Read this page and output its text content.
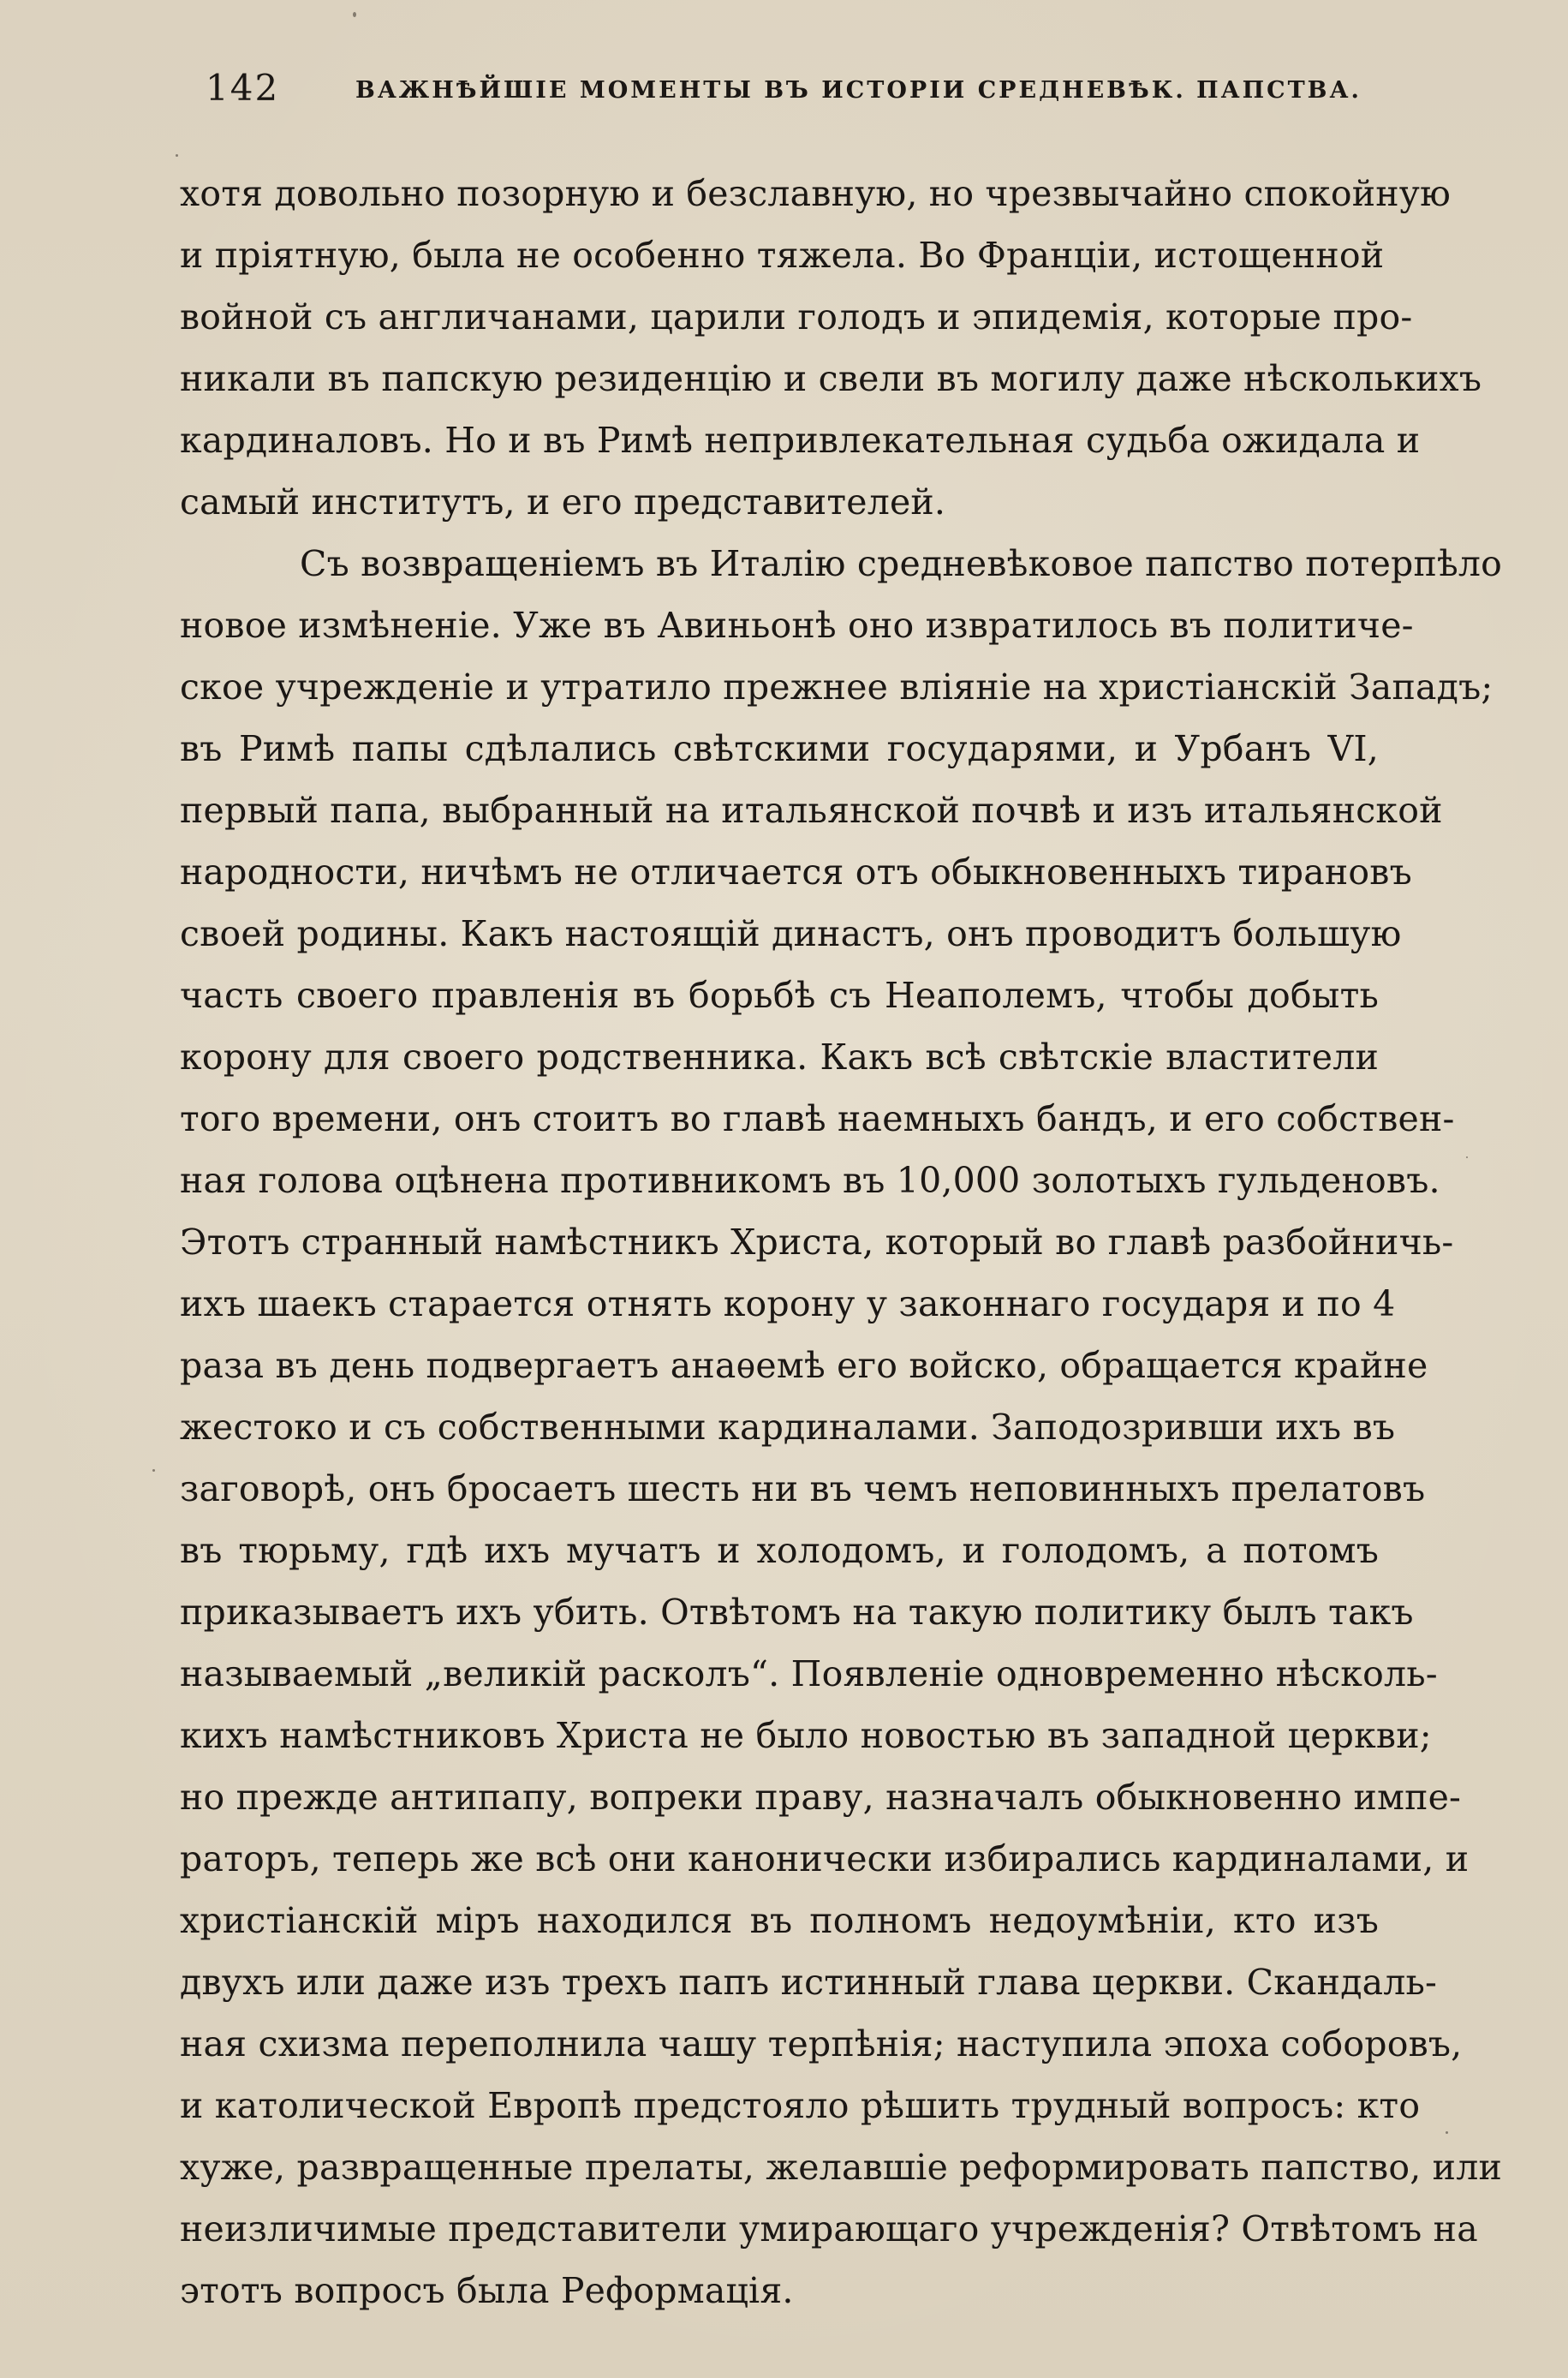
142	ВАЖНѢЙШІЕ МОМЕНТЫ ВЪ ИСТОРІИ СРЕДНЕВѢК. ПАПСТВА.
хотя довольно позорную и безславную, но чрезвычайно спокойную
и пріятную, была не особенно тяжела. Во Франціи, истощенной
войной съ англичанами, царили голодъ и эпидемія, которые про-
никали въ папскую резиденцію и свели въ могилу даже нѣсколькихъ
кардиналовъ. Но и въ Римѣ непривлекательная судьба ожидала и
самый институтъ, и его представителей.
Съ возвращеніемъ въ Италію средневѣковое папство потерпѣло
новое измѣненіе. Уже въ Авиньонѣ оно извратилось въ политиче-
ское учрежденіе и утратило прежнее вліяніе на христіанскій Западъ;
въ Римѣ папы сдѣлались свѣтскими государями, и Урбанъ VI,
первый папа, выбранный на итальянской почвѣ и изъ итальянской
народности, ничѣмъ не отличается отъ обыкновенныхъ тирановъ
своей родины. Какъ настоящій династъ, онъ проводитъ большую
часть своего правленія въ борьбѣ съ Неаполемъ, чтобы добыть
корону для своего родственника. Какъ всѣ свѣтскіе властители
того времени, онъ стоитъ во главѣ наемныхъ бандъ, и его собствен-
ная голова оцѣнена противникомъ въ 10,000 золотыхъ гульденовъ.
Этотъ странный намѣстникъ Христа, который во главѣ разбойничь-
ихъ шаекъ старается отнять корону у законнаго государя и по 4
раза въ день подвергаетъ анаѳемѣ его войско, обращается крайне
жестоко и съ собственными кардиналами. Заподозривши ихъ въ
заговорѣ, онъ бросаетъ шесть ни въ чемъ неповинныхъ прелатовъ
въ тюрьму, гдѣ ихъ мучатъ и холодомъ, и голодомъ, а потомъ
приказываетъ ихъ убить. Отвѣтомъ на такую политику былъ такъ
называемый „великій расколъ“. Появленіе одновременно нѣсколь-
кихъ намѣстниковъ Христа не было новостью въ западной церкви;
но прежде антипапу, вопреки праву, назначалъ обыкновенно импе-
раторъ, теперь же всѣ они канонически избирались кардиналами, и
христіанскій міръ находился въ полномъ недоумѣніи, кто изъ
двухъ или даже изъ трехъ папъ истинный глава церкви. Скандаль-
ная схизма переполнила чашу терпѣнія; наступила эпоха соборовъ,
и католической Европѣ предстояло рѣшить трудный вопросъ: кто
хуже, развращенные прелаты, желавшіе реформировать папство, или
неизличимые представители умирающаго учрежденія? Отвѣтомъ на
этотъ вопросъ была Реформація.
